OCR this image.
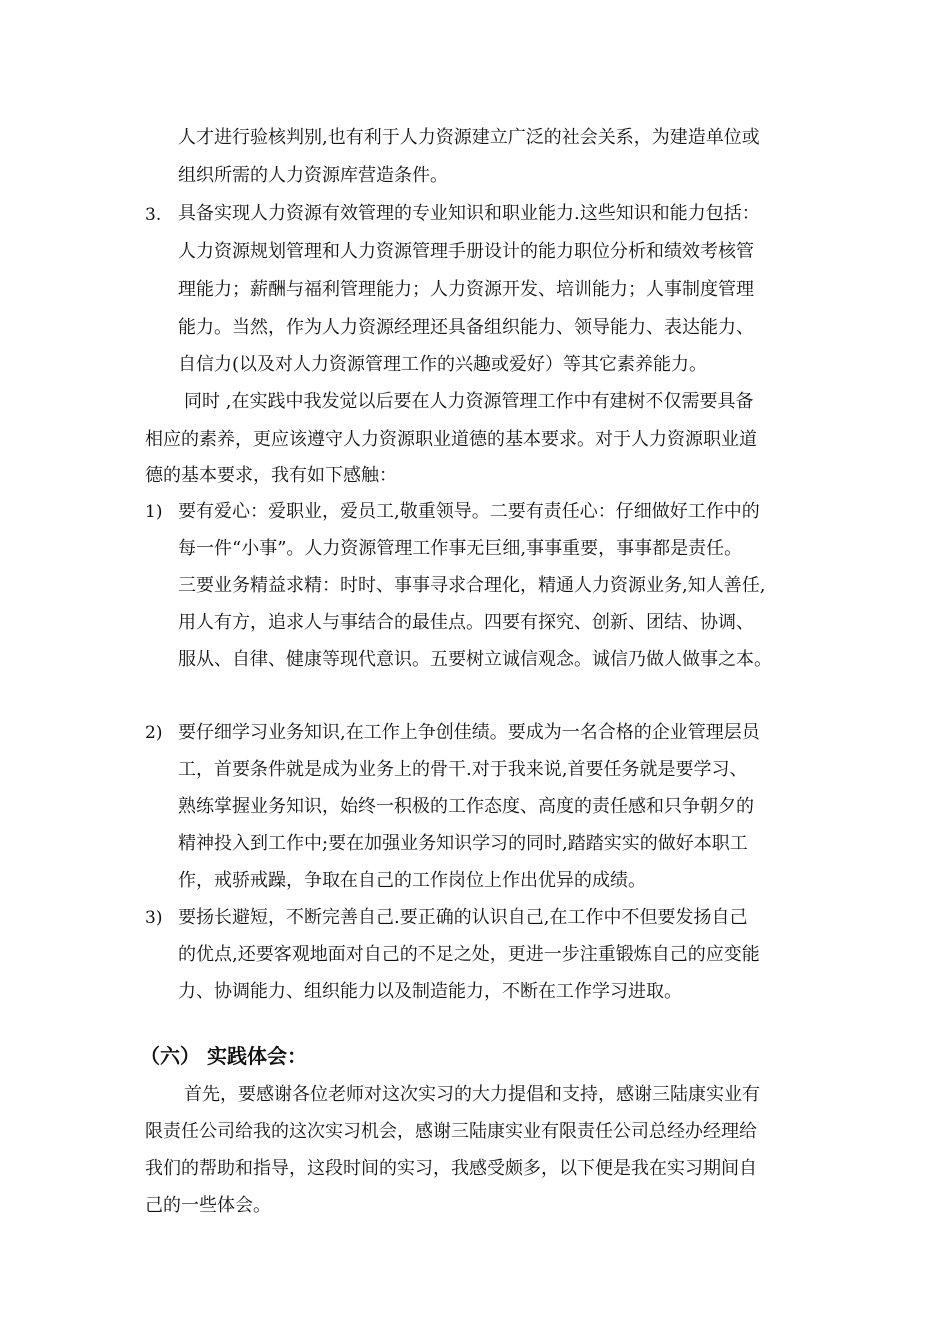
人才进行验核判别,也有利于人力资源建立广泛的社会关系，为建造单位或
组织所需的人力资源库营造条件。
3. 具备实现人力资源有效管理的专业知识和职业能力.这些知识和能力包括：
人力资源规划管理和人力资源管理手册设计的能力职位分析和绩效考核管
理能力；薪酬与福利管理能力；人力资源开发、培训能力；人事制度管理
能力。当然，作为人力资源经理还具备组织能力、领导能力、表达能力、
自信力(以及对人力资源管理工作的兴趣或爱好）等其它素养能力。
同时 ,在实践中我发觉以后要在人力资源管理工作中有建树不仅需要具备
相应的素养，更应该遵守人力资源职业道德的基本要求。对于人力资源职业道
德的基本要求，我有如下感触：
1) 要有爱心：爱职业，爱员工,敬重领导。二要有责任心：仔细做好工作中的
每一件“小事”。人力资源管理工作事无巨细,事事重要，事事都是责任。
三要业务精益求精：时时、事事寻求合理化，精通人力资源业务,知人善任,
用人有方，追求人与事结合的最佳点。四要有探究、创新、团结、协调、
服从、自律、健康等现代意识。五要树立诚信观念。诚信乃做人做事之本。
2) 要仔细学习业务知识,在工作上争创佳绩。要成为一名合格的企业管理层员
工，首要条件就是成为业务上的骨干.对于我来说,首要任务就是要学习、
熟练掌握业务知识，始终一积极的工作态度、高度的责任感和只争朝夕的
精神投入到工作中;要在加强业务知识学习的同时,踏踏实实的做好本职工
作，戒骄戒躁，争取在自己的工作岗位上作出优异的成绩。
3) 要扬长避短，不断完善自己.要正确的认识自己,在工作中不但要发扬自己
的优点,还要客观地面对自己的不足之处，更进一步注重锻炼自己的应变能
力、协调能力、组织能力以及制造能力，不断在工作学习进取。
（六） 实践体会：
首先，要感谢各位老师对这次实习的大力提倡和支持，感谢三陆康实业有
限责任公司给我的这次实习机会，感谢三陆康实业有限责任公司总经办经理给
我们的帮助和指导，这段时间的实习，我感受颇多，以下便是我在实习期间自
己的一些体会。
